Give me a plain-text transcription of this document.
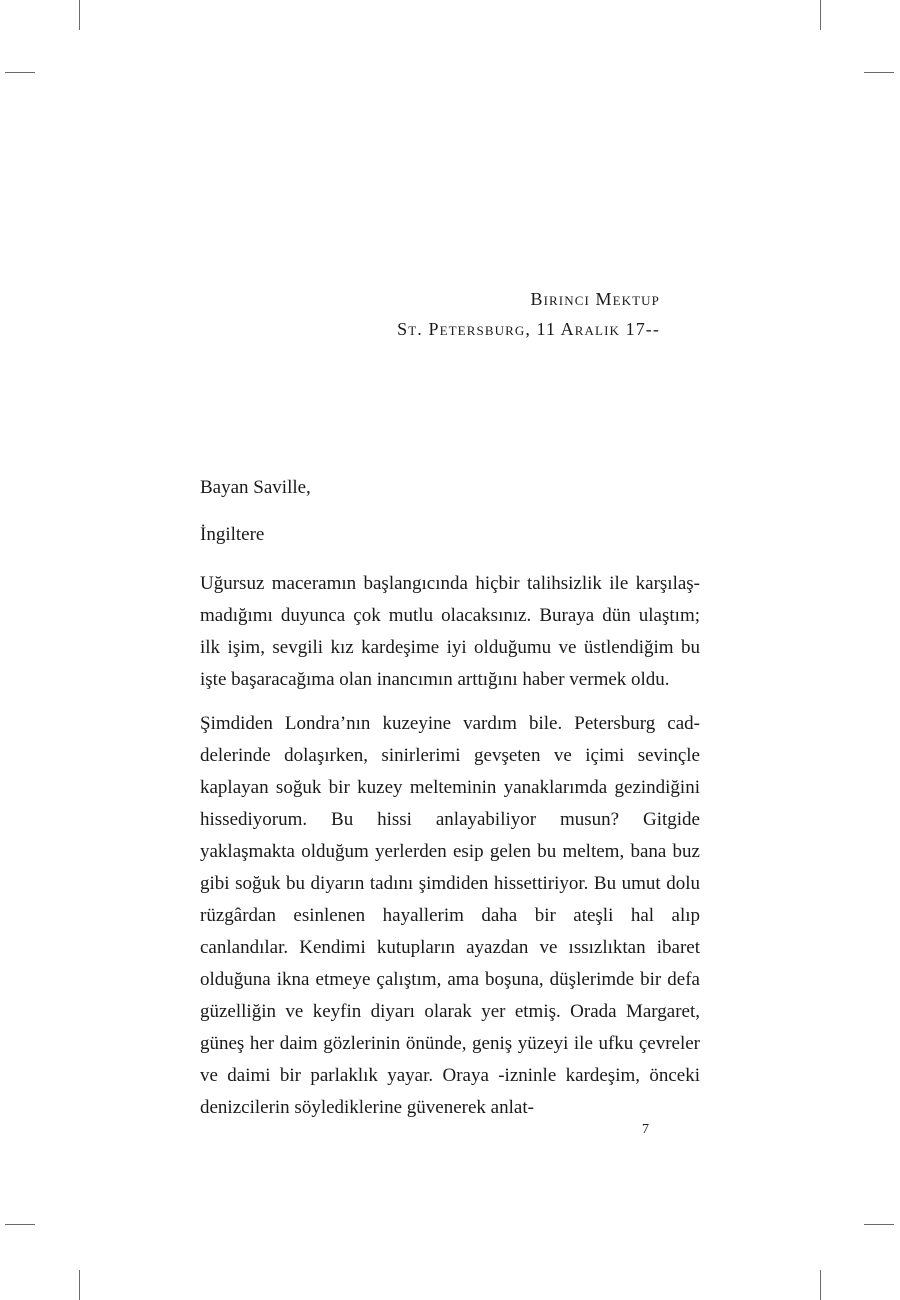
Birinci Mektup
St. Petersburg, 11 Aralık 17--
Bayan Saville,
İngiltere

Uğursuz maceramın başlangıcında hiçbir talihsizlik ile karşılaşmadığımı duyunca çok mutlu olacaksınız. Buraya dün ulaştım; ilk işim, sevgili kız kardeşime iyi olduğumu ve üstlendiğim bu işte başaracağıma olan inancımın arttığını haber vermek oldu.

Şimdiden Londra’nın kuzeyine vardım bile. Petersburg caddelerinde dolaşırken, sinirlerimi gevşeten ve içimi sevinçle kaplayan soğuk bir kuzey melteminin yanaklarımda gezindiğini hissediyorum. Bu hissi anlayabiliyor musun? Gitgide yaklaşmakta olduğum yerlerden esip gelen bu meltem, bana buz gibi soğuk bu diyarın tadını şimdiden hissettiriyor. Bu umut dolu rüzgârdan esinlenen hayallerim daha bir ateşli hal alıp canlandılar. Kendimi kutupların ayazdan ve ıssızlıktan ibaret olduğuna ikna etmeye çalıştım, ama boşuna, düşlerimde bir defa güzelliğin ve keyfin diyarı olarak yer etmiş. Orada Margaret, güneş her daim gözlerinin önünde, geniş yüzeyi ile ufku çevreler ve daimi bir parlaklık yayar. Oraya -izninle kardeşim, önceki denizcilerin söylediklerine güvenerek anlat-

7
